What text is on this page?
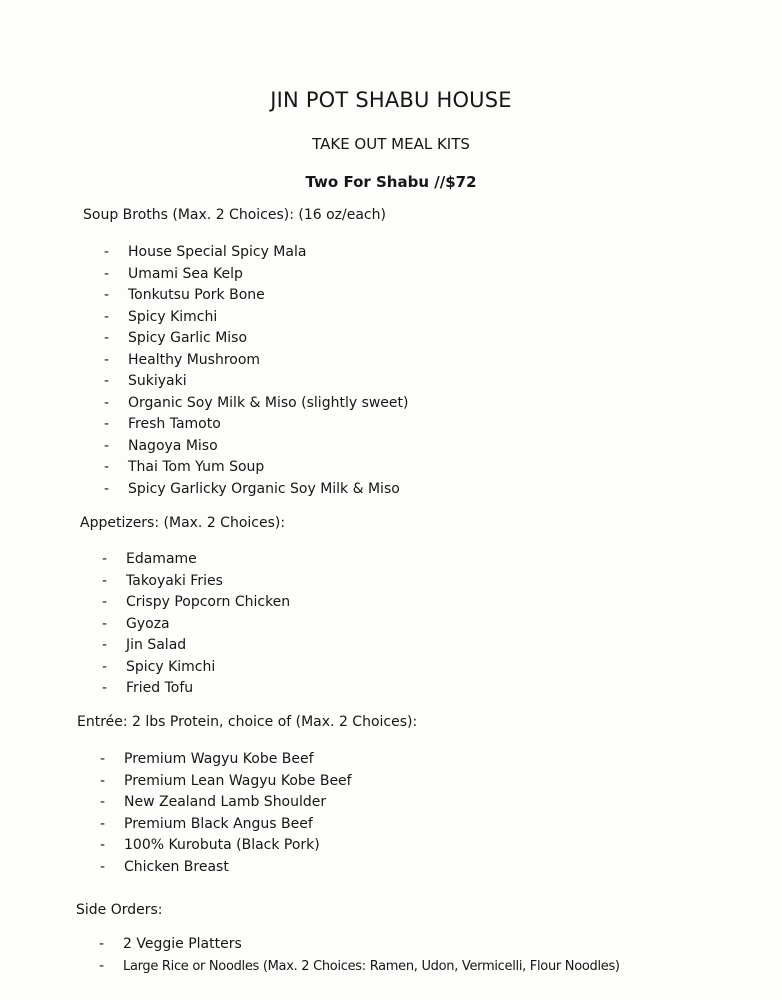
JIN POT SHABU HOUSE
TAKE OUT MEAL KITS
Two For Shabu //$72
Soup Broths (Max. 2 Choices): (16 oz/each)
- House Special Spicy Mala
- Umami Sea Kelp
- Tonkutsu Pork Bone
- Spicy Kimchi
- Spicy Garlic Miso
- Healthy Mushroom
- Sukiyaki
- Organic Soy Milk & Miso (slightly sweet)
- Fresh Tamoto
- Nagoya Miso
- Thai Tom Yum Soup
- Spicy Garlicky Organic Soy Milk & Miso
Appetizers: (Max. 2 Choices):
- Edamame
- Takoyaki Fries
- Crispy Popcorn Chicken
- Gyoza
- Jin Salad
- Spicy Kimchi
- Fried Tofu
Entrée: 2 lbs Protein, choice of (Max. 2 Choices):
- Premium Wagyu Kobe Beef
- Premium Lean Wagyu Kobe Beef
- New Zealand Lamb Shoulder
- Premium Black Angus Beef
- 100% Kurobuta (Black Pork)
- Chicken Breast
Side Orders:
- 2 Veggie Platters
- Large Rice or Noodles (Max. 2 Choices: Ramen, Udon, Vermicelli, Flour Noodles)
